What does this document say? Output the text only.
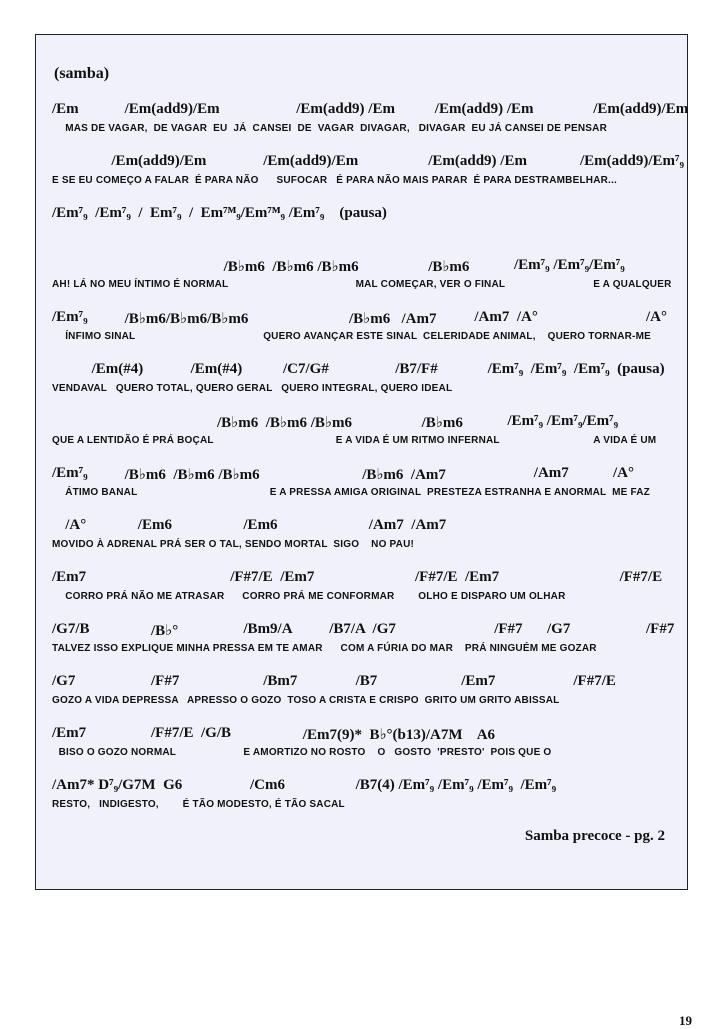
(samba)
/Em	/Em(add9)/Em	/Em(add9) /Em	/Em(add9) /Em	/Em(add9)/Em
MAS DE VAGAR,  DE VAGAR  EU  JÁ  CANSEI  DE  VAGAR  DIVAGAR,   DIVAGAR  EU JÁ CANSEI DE PENSAR
/Em(add9)/Em	/Em(add9)/Em	/Em(add9) /Em	/Em(add9)/Em⁷₉
E SE EU COMEÇO A FALAR  É PARA NÃO      SUFOCAR   É PARA NÃO MAIS PARAR  É PARA DESTRAMBELHAR...
/Em⁷₉  /Em⁷₉  /  Em⁷₉  /  Em⁷ᴹ₉/Em⁷ᴹ₉ /Em⁷₉    (pausa)
/B♭m6  /B♭m6 /B♭m6	/B♭m6	/Em⁷₉ /Em⁷₉/Em⁷₉
AH! LÁ NO MEU ÍNTIMO É NORMAL	MAL COMEÇAR, VER O FINAL	E A QUALQUER
/Em⁷₉ /B♭m6/B♭m6/B♭m6	/B♭m6   /Am7	/Am7  /A°	/A°
ÍNFIMO SINAL	QUERO AVANÇAR ESTE SINAL  CELERIDADE ANIMAL,    QUERO TORNAR-ME
/Em(#4)	/Em(#4)	/C7/G#	/B7/F#	/Em⁷₉  /Em⁷₉  /Em⁷₉  (pausa)
VENDAVAL   QUERO TOTAL, QUERO GERAL   QUERO INTEGRAL, QUERO IDEAL
/B♭m6  /B♭m6 /B♭m6	/B♭m6	/Em⁷₉ /Em⁷₉/Em⁷₉
QUE A LENTIDÃO É PRÁ BOÇAL	E A VIDA É UM RITMO INFERNAL	A VIDA É UM
/Em⁷₉ /B♭m6  /B♭m6 /B♭m6	/B♭m6  /Am7	/Am7	/A°
ÁTIMO BANAL	E A PRESSA AMIGA ORIGINAL  PRESTEZA ESTRANHA E ANORMAL  ME FAZ
/A°	/Em6	/Em6	/Am7  /Am7
MOVIDO À ADRENAL PRÁ SER O TAL, SENDO MORTAL  SIGO    NO PAU!
/Em7	/F#7/E  /Em7	/F#7/E  /Em7	/F#7/E
CORRO PRÁ NÃO ME ATRASAR      CORRO PRÁ ME CONFORMAR        OLHO E DISPARO UM OLHAR
/G7/B	/B♭°	/Bm9/A /B7/A  /G7	/F#7 /G7	/F#7
TALVEZ ISSO EXPLIQUE MINHA PRESSA EM TE AMAR      COM A FÚRIA DO MAR    PRÁ NINGUÉM ME GOZAR
/G7	/F#7	/Bm7	/B7	/Em7	/F#7/E
GOZO A VIDA DEPRESSA   APRESSO O GOZO  TOSO A CRISTA E CRISPO  GRITO UM GRITO ABISSAL
/Em7	/F#7/E  /G/B	/Em7(9)*  B♭°(b13)/A7M    A6
BISO O GOZO NORMAL	E AMORTIZO NO ROSTO    O   GOSTO  'PRESTO'  POIS QUE O
/Am7* D⁷₉/G7M  G6	/Cm6	/B7(4) /Em⁷₉ /Em⁷₉ /Em⁷₉  /Em⁷₉
RESTO,   INDIGESTO,        É TÃO MODESTO, É TÃO SACAL
Samba precoce - pg. 2
19
